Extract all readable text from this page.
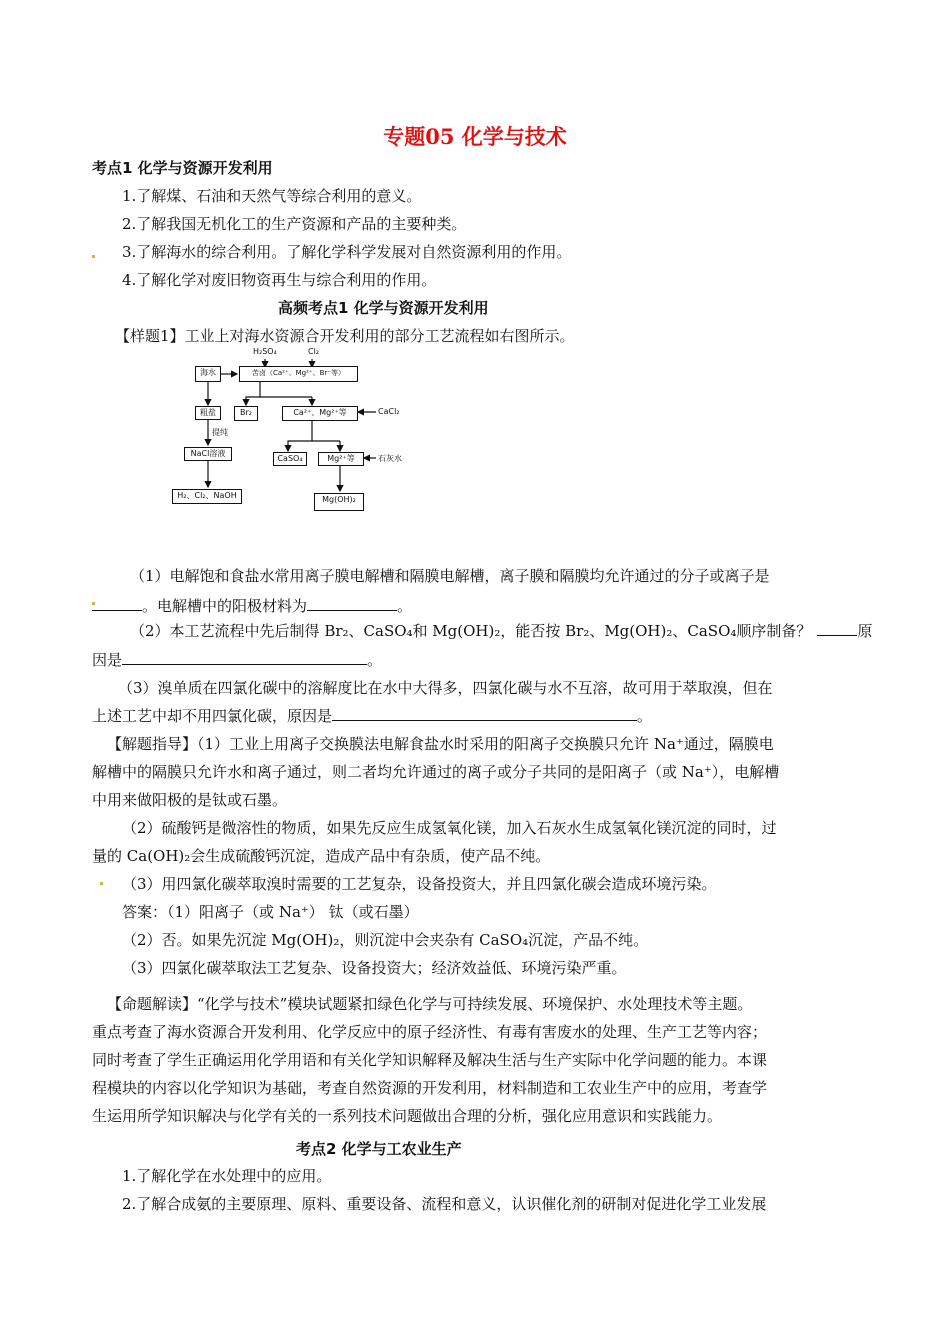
专题05 化学与技术
考点1 化学与资源开发利用
1.了解煤、石油和天然气等综合利用的意义。
2.了解我国无机化工的生产资源和产品的主要种类。
3.了解海水的综合利用。了解化学科学发展对自然资源利用的作用。
4.了解化学对废旧物资再生与综合利用的作用。
高频考点1 化学与资源开发利用
【样题1】工业上对海水资源合开发利用的部分工艺流程如右图所示。
H₂SO₄	Cl₂
海水	苦卤（Ca²⁺、Mg²⁺、Br⁻等）
粗盐
提纯
NaCl溶液
H₂、Cl₂、NaOH
Br₂	Ca²⁺、Mg²⁺等	CaCl₂
CaSO₄	Mg²⁺等	石灰水
Mg(OH)₂
（1）电解饱和食盐水常用离子膜电解槽和隔膜电解槽，离子膜和隔膜均允许通过的分子或离子是
。电解槽中的阳极材料为	。
（2）本工艺流程中先后制得 Br₂、CaSO₄和 Mg(OH)₂，能否按 Br₂、Mg(OH)₂、CaSO₄顺序制备？	原
因是	。
（3）溴单质在四氯化碳中的溶解度比在水中大得多，四氯化碳与水不互溶，故可用于萃取溴，但在
上述工艺中却不用四氯化碳，原因是	。
【解题指导】（1）工业上用离子交换膜法电解食盐水时采用的阳离子交换膜只允许 Na⁺通过，隔膜电
解槽中的隔膜只允许水和离子通过，则二者均允许通过的离子或分子共同的是阳离子（或 Na⁺），电解槽
中用来做阳极的是钛或石墨。
（2）硫酸钙是微溶性的物质，如果先反应生成氢氧化镁，加入石灰水生成氢氧化镁沉淀的同时，过
量的 Ca(OH)₂会生成硫酸钙沉淀，造成产品中有杂质，使产品不纯。
（3）用四氯化碳萃取溴时需要的工艺复杂，设备投资大，并且四氯化碳会造成环境污染。
答案：（1）阳离子（或 Na⁺） 钛（或石墨）
（2）否。如果先沉淀 Mg(OH)₂，则沉淀中会夹杂有 CaSO₄沉淀，产品不纯。
（3）四氯化碳萃取法工艺复杂、设备投资大；经济效益低、环境污染严重。
【命题解读】“化学与技术”模块试题紧扣绿色化学与可持续发展、环境保护、水处理技术等主题。
重点考查了海水资源合开发利用、化学反应中的原子经济性、有毒有害废水的处理、生产工艺等内容；
同时考查了学生正确运用化学用语和有关化学知识解释及解决生活与生产实际中化学问题的能力。本课
程模块的内容以化学知识为基础，考查自然资源的开发利用，材料制造和工农业生产中的应用，考查学
生运用所学知识解决与化学有关的一系列技术问题做出合理的分析，强化应用意识和实践能力。
考点2 化学与工农业生产
1.了解化学在水处理中的应用。
2.了解合成氨的主要原理、原料、重要设备、流程和意义，认识催化剂的研制对促进化学工业发展
